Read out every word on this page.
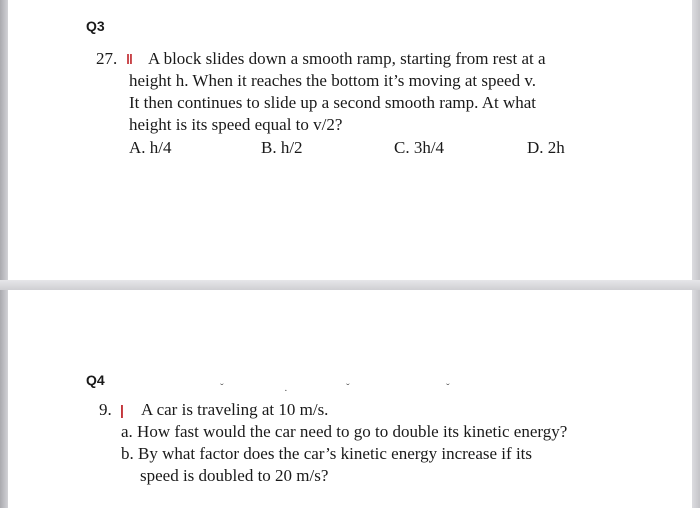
Q3
27. ‖ A block slides down a smooth ramp, starting from rest at a
height h. When it reaches the bottom it’s moving at speed v.
It then continues to slide up a second smooth ramp. At what
height is its speed equal to v/2?
A. h/4	B. h/2	C. 3h/4	D. 2h
Q4	ˇ	·	ˇ	ˇ
9. | A car is traveling at 10 m/s.
a. How fast would the car need to go to double its kinetic energy?
b. By what factor does the car’s kinetic energy increase if its
speed is doubled to 20 m/s?
